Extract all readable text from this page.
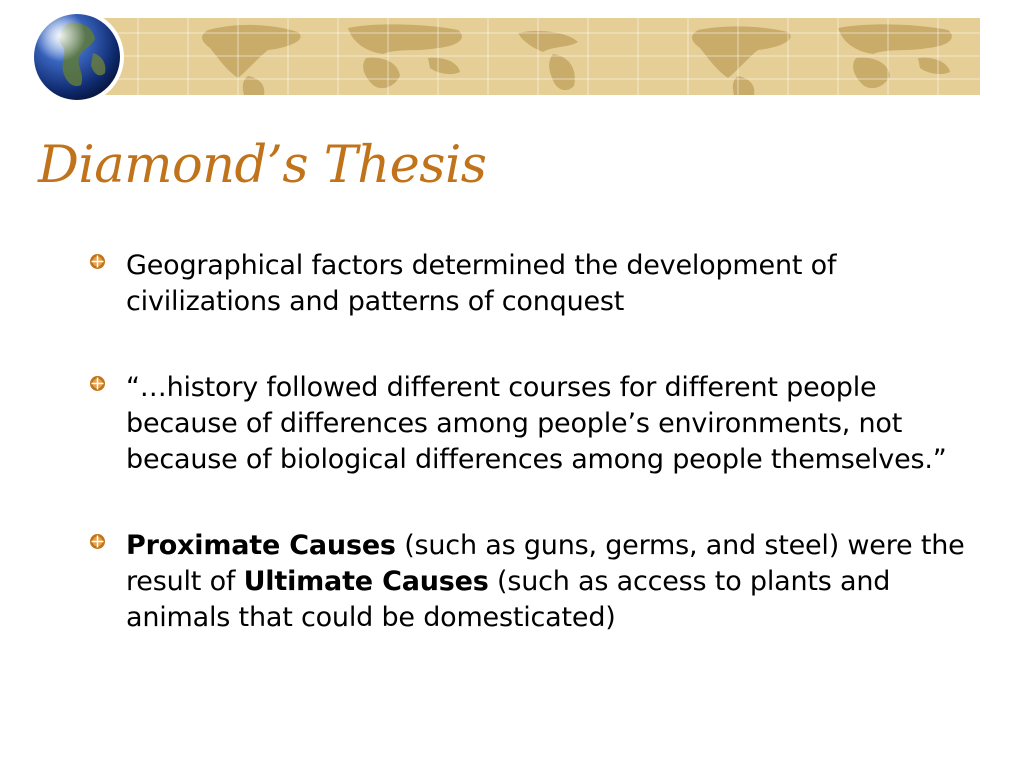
Diamond’s Thesis
Geographical factors determined the development of civilizations and patterns of conquest
“…history followed different courses for different people because of differences among people’s environments, not because of biological differences among people themselves.”
Proximate Causes (such as guns, germs, and steel) were the result of Ultimate Causes (such as access to plants and animals that could be domesticated)
